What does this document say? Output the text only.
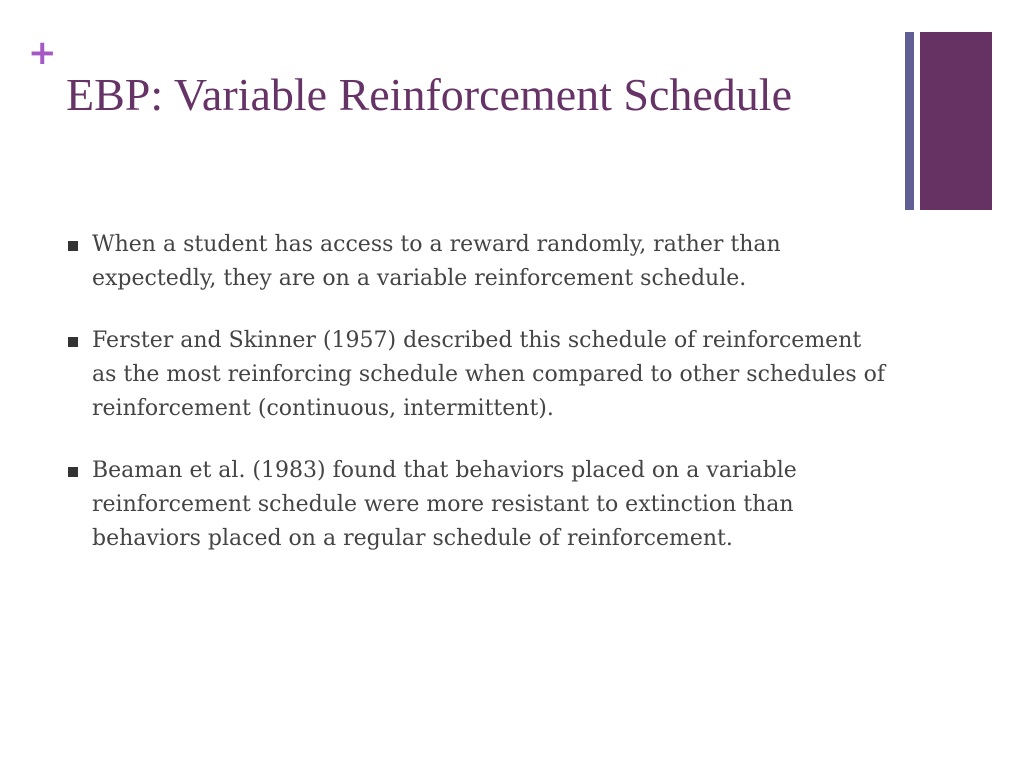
+
EBP: Variable Reinforcement Schedule
When a student has access to a reward randomly, rather than expectedly, they are on a variable reinforcement schedule.
Ferster and Skinner (1957) described this schedule of reinforcement as the most reinforcing schedule when compared to other schedules of reinforcement (continuous, intermittent).
Beaman et al. (1983) found that behaviors placed on a variable reinforcement schedule were more resistant to extinction than behaviors placed on a regular schedule of reinforcement.
